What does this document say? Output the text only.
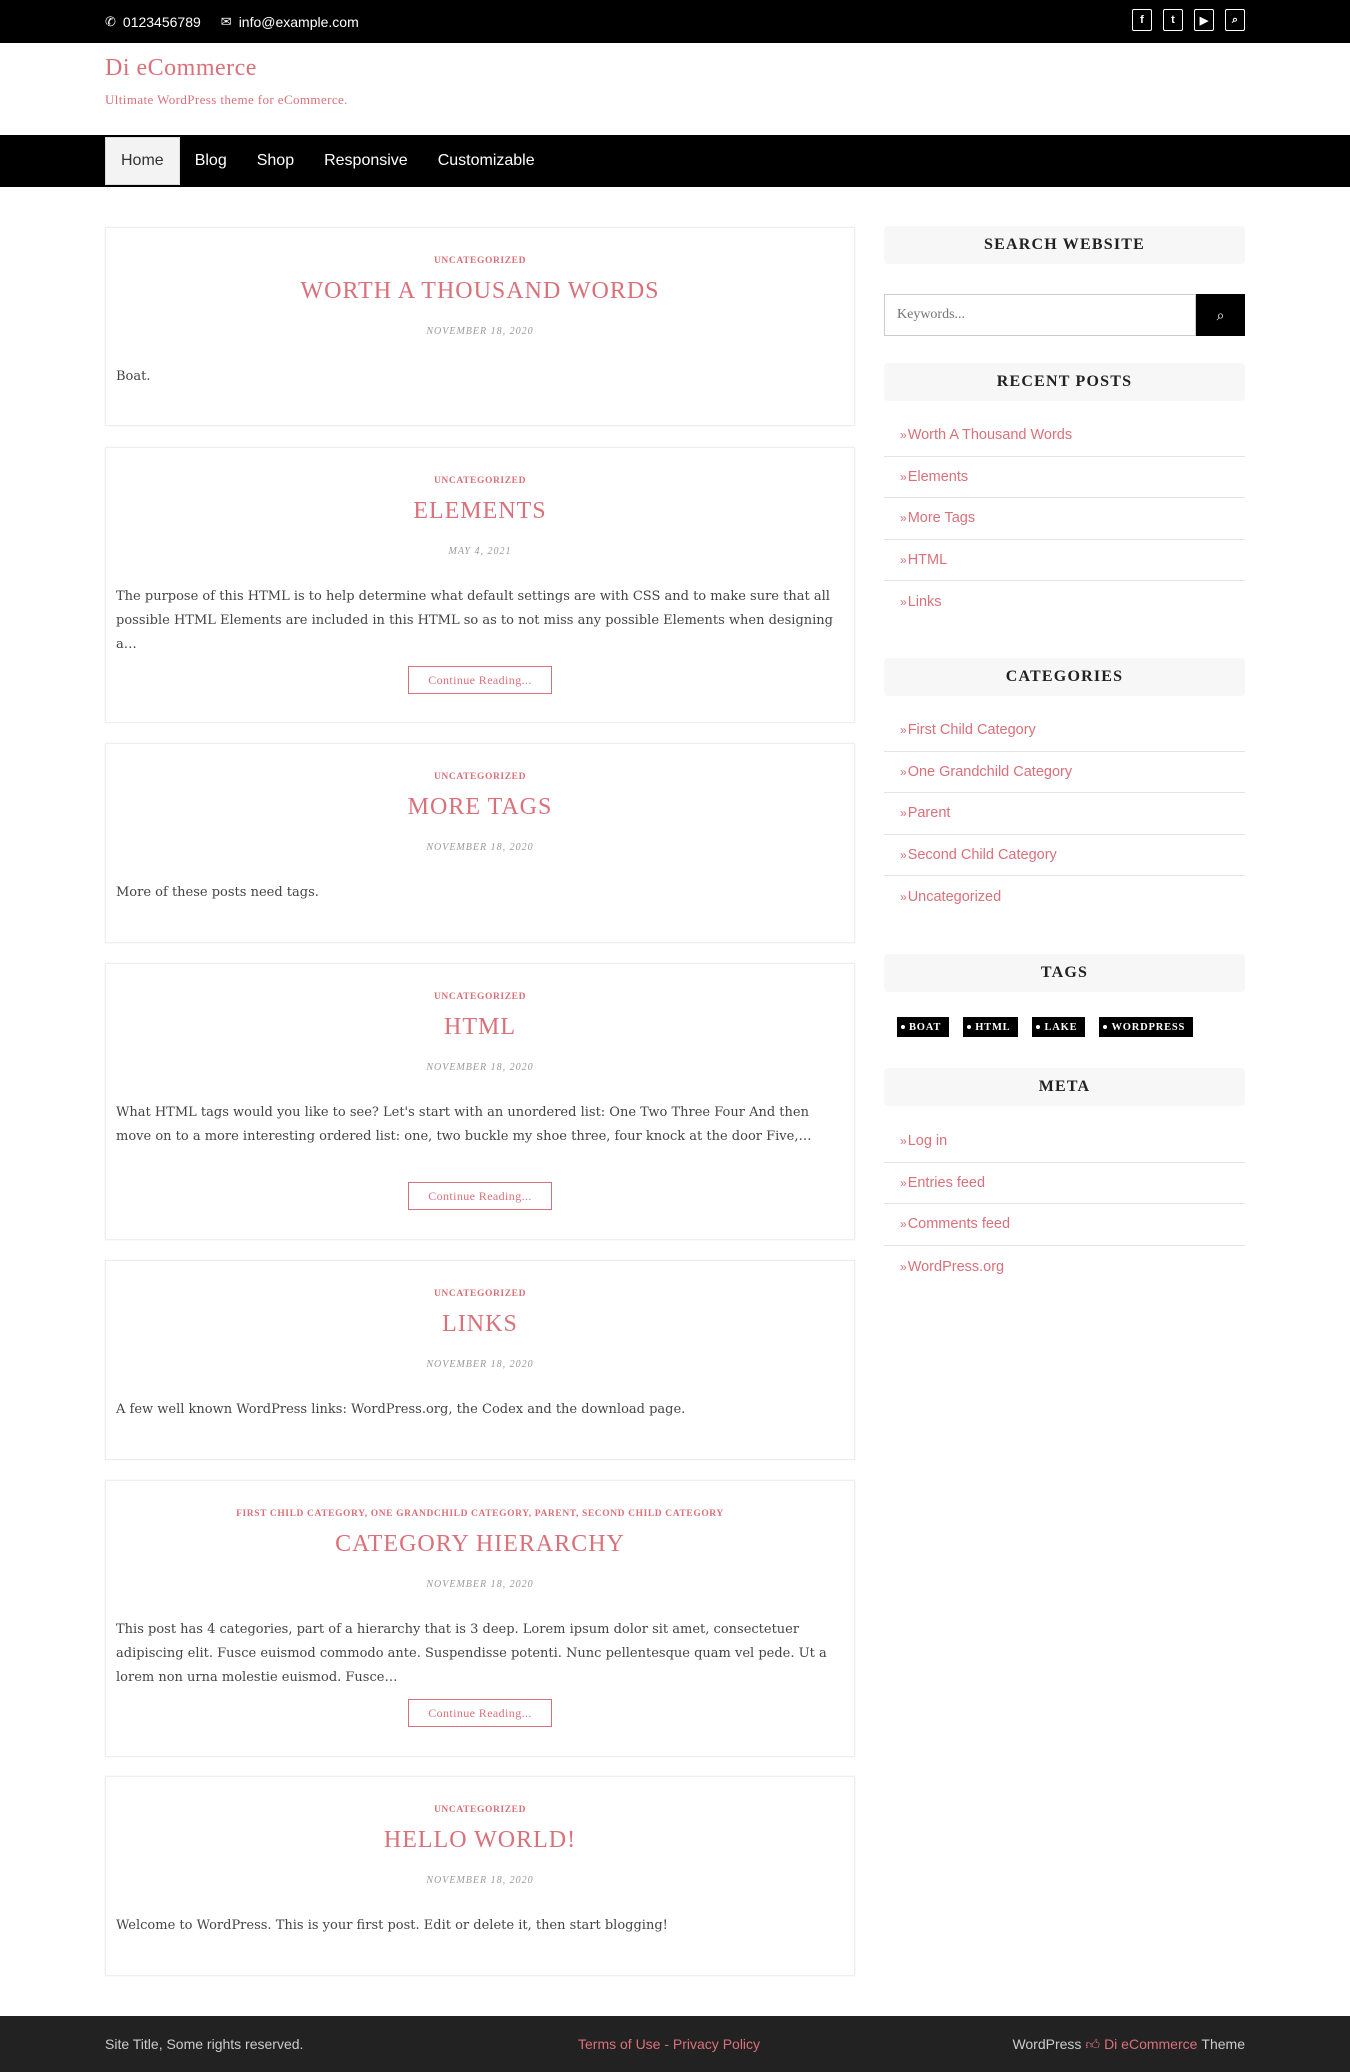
✆ 0123456789 ✉ info@example.com	f	t	▶	⌕
Di eCommerce
Ultimate WordPress theme for eCommerce.
Home	Blog	Shop	Responsive	Customizable
UNCATEGORIZED
WORTH A THOUSAND WORDS
NOVEMBER 18, 2020
Boat.
UNCATEGORIZED
ELEMENTS
MAY 4, 2021
The purpose of this HTML is to help determine what default settings are with CSS and to make sure that all possible HTML Elements are included in this HTML so as to not miss any possible Elements when designing a…
Continue Reading...
UNCATEGORIZED
MORE TAGS
NOVEMBER 18, 2020
More of these posts need tags.
UNCATEGORIZED
HTML
NOVEMBER 18, 2020
What HTML tags would you like to see? Let's start with an unordered list: One Two Three Four And then move on to a more interesting ordered list: one, two buckle my shoe three, four knock at the door Five,…
Continue Reading...
UNCATEGORIZED
LINKS
NOVEMBER 18, 2020
A few well known WordPress links: WordPress.org, the Codex and the download page.
FIRST CHILD CATEGORY, ONE GRANDCHILD CATEGORY, PARENT, SECOND CHILD CATEGORY
CATEGORY HIERARCHY
NOVEMBER 18, 2020
This post has 4 categories, part of a hierarchy that is 3 deep. Lorem ipsum dolor sit amet, consectetuer adipiscing elit. Fusce euismod commodo ante. Suspendisse potenti. Nunc pellentesque quam vel pede. Ut a lorem non urna molestie euismod. Fusce…
Continue Reading...
UNCATEGORIZED
HELLO WORLD!
NOVEMBER 18, 2020
Welcome to WordPress. This is your first post. Edit or delete it, then start blogging!
SEARCH WEBSITE
Keywords...
⌕
RECENT POSTS
» Worth A Thousand Words
» Elements
» More Tags
» HTML
» Links
CATEGORIES
» First Child Category
» One Grandchild Category
» Parent
» Second Child Category
» Uncategorized
TAGS
BOAT	HTML	LAKE	WORDPRESS
META
» Log in
» Entries feed
» Comments feed
» WordPress.org
Site Title, Some rights reserved.	Terms of Use - Privacy Policy	WordPress 👍︎ Di eCommerce Theme
